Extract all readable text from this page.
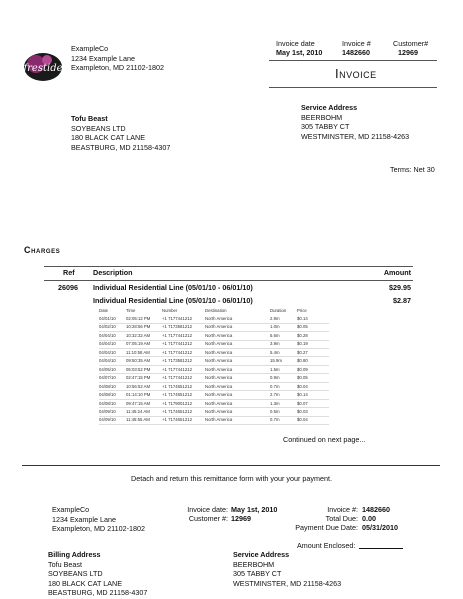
frestide
ExampleCo
1234 Example Lane
Exampleton, MD 21102-1802
Invoice date	Invoice #	Customer#
May 1st, 2010	1482660	12969
Invoice
Tofu Beast
SOYBEANS LTD
180 BLACK CAT LANE
BEASTBURG, MD 21158-4307
Service Address
BEERBOHM
305 TABBY CT
WESTMINSTER, MD 21158-4263
Terms: Net 30
Charges
Ref	Description	Amount
26096 Individual Residential Line (05/01/10 - 06/01/10)	$29.95
Individual Residential Line (05/01/10 - 06/01/10)	$2.87
Date	Time	Number	Destination	Duration	Price
04/01/10 02:05:12 PM	+1 7177441212	North America	2.9m	$0.14
04/02/10 10:28:56 PM	+1 7173581212	North America	1.0m	$0.05
04/04/10 10:32:32 AM	+1 7177441212	North America	5.6m	$0.28
04/04/10 07:05:19 AM	+1 7177441212	North America	3.9m	$0.19
04/04/10 11:10:58 AM	+1 7177441212	North America	5.4m	$0.27
04/04/10 09:50:35 AM	+1 7173581212	North America	15.9m	$0.80
04/05/10 05:03:52 PM	+1 7177441212	North America	1.5m	$0.09
04/07/10 02:47:15 PM	+1 7177441212	North America	0.9m	$0.05
04/08/10 10:56:52 AM	+1 7174651212	North America	0.7m	$0.04
04/08/10 01:14:10 PM	+1 7174651212	North America	2.7m	$0.14
04/08/10 09:47:15 AM	+1 7179001212	North America	1.3m	$0.07
04/09/10 11:45:24 AM	+1 7174651212	North America	0.5m	$0.03
04/09/10 11:45:55 AM	+1 7174651212	North America	0.7m	$0.04
Continued on next page...
Detach and return this remittance form with your your payment.
ExampleCo
1234 Example Lane
Exampleton, MD 21102-1802
Invoice date: May 1st, 2010
Customer #: 12969
Invoice #: 1482660
Total Due: 0.00
Payment Due Date: 05/31/2010
Amount Enclosed:
Billing Address
Tofu Beast
SOYBEANS LTD
180 BLACK CAT LANE
BEASTBURG, MD 21158-4307
Service Address
BEERBOHM
305 TABBY CT
WESTMINSTER, MD 21158-4263
